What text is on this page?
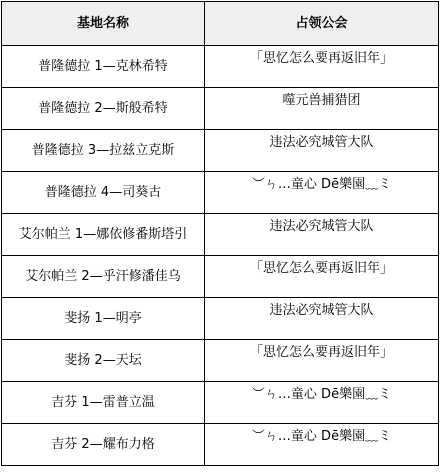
基地名称	占领公会
普隆德拉 1—克林希特	「思忆怎么要再返旧年」
普隆德拉 2—斯般希特	噬元兽捕猎团
普隆德拉 3—拉兹立克斯	违法必究城管大队
普隆德拉 4—司葵古	︶ㄣ…童心 Dē樂園﹏ミ
艾尔帕兰 1—娜依修番斯塔引	违法必究城管大队
艾尔帕兰 2—乎汗修潘佳乌	「思忆怎么要再返旧年」
斐扬 1—明亭	违法必究城管大队
斐扬 2—天坛	「思忆怎么要再返旧年」
吉芬 1—雷普立温	︶ㄣ…童心 Dē樂園﹏ミ
吉芬 2—耀布力格	︶ㄣ…童心 Dē樂園﹏ミ
